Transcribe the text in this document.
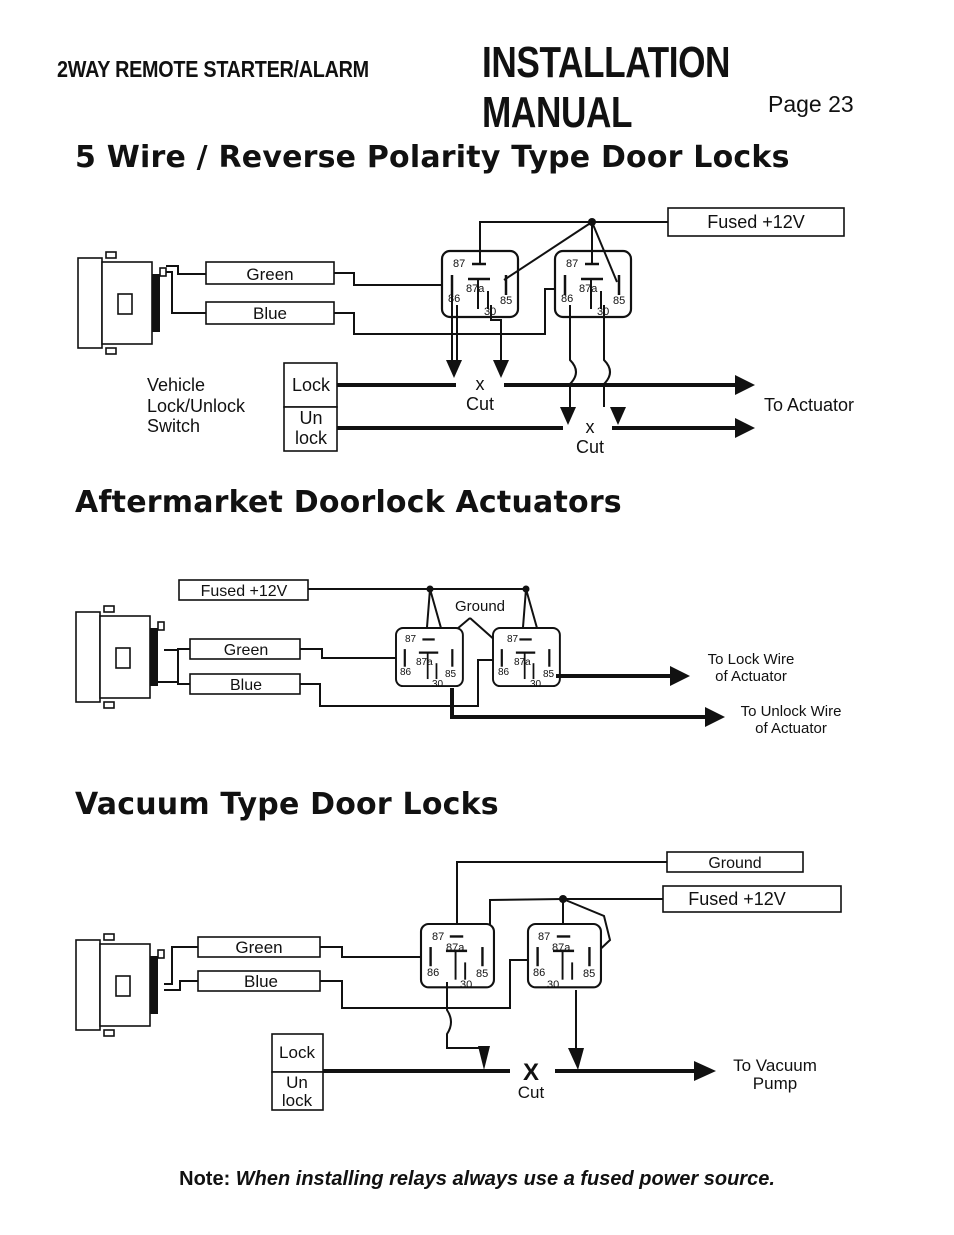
2WAY REMOTE STARTER/ALARM	INSTALLATION MANUAL	Page 23
5 Wire / Reverse Polarity Type Door Locks
Aftermarket Doorlock Actuators
Vacuum Type Door Locks
Green
Blue
87
87a
86	85
30
87
87a
86	85
30
Fused +12V
Lock
Un
lock
Vehicle
Lock/Unlock
Switch
x
Cut
x
Cut
To Actuator
Green
Blue
Fused +12V
Ground
87
87a
86	85
30
87
87a
86	85
30
To Lock Wire
of Actuator
To Unlock Wire
of Actuator
Green
Blue
Ground
Fused +12V
87
87a
86	85
30
87
87a
86	85
30
Lock
Un
lock
X
Cut
To Vacuum
Pump
Note: When installing relays always use a fused power source.
